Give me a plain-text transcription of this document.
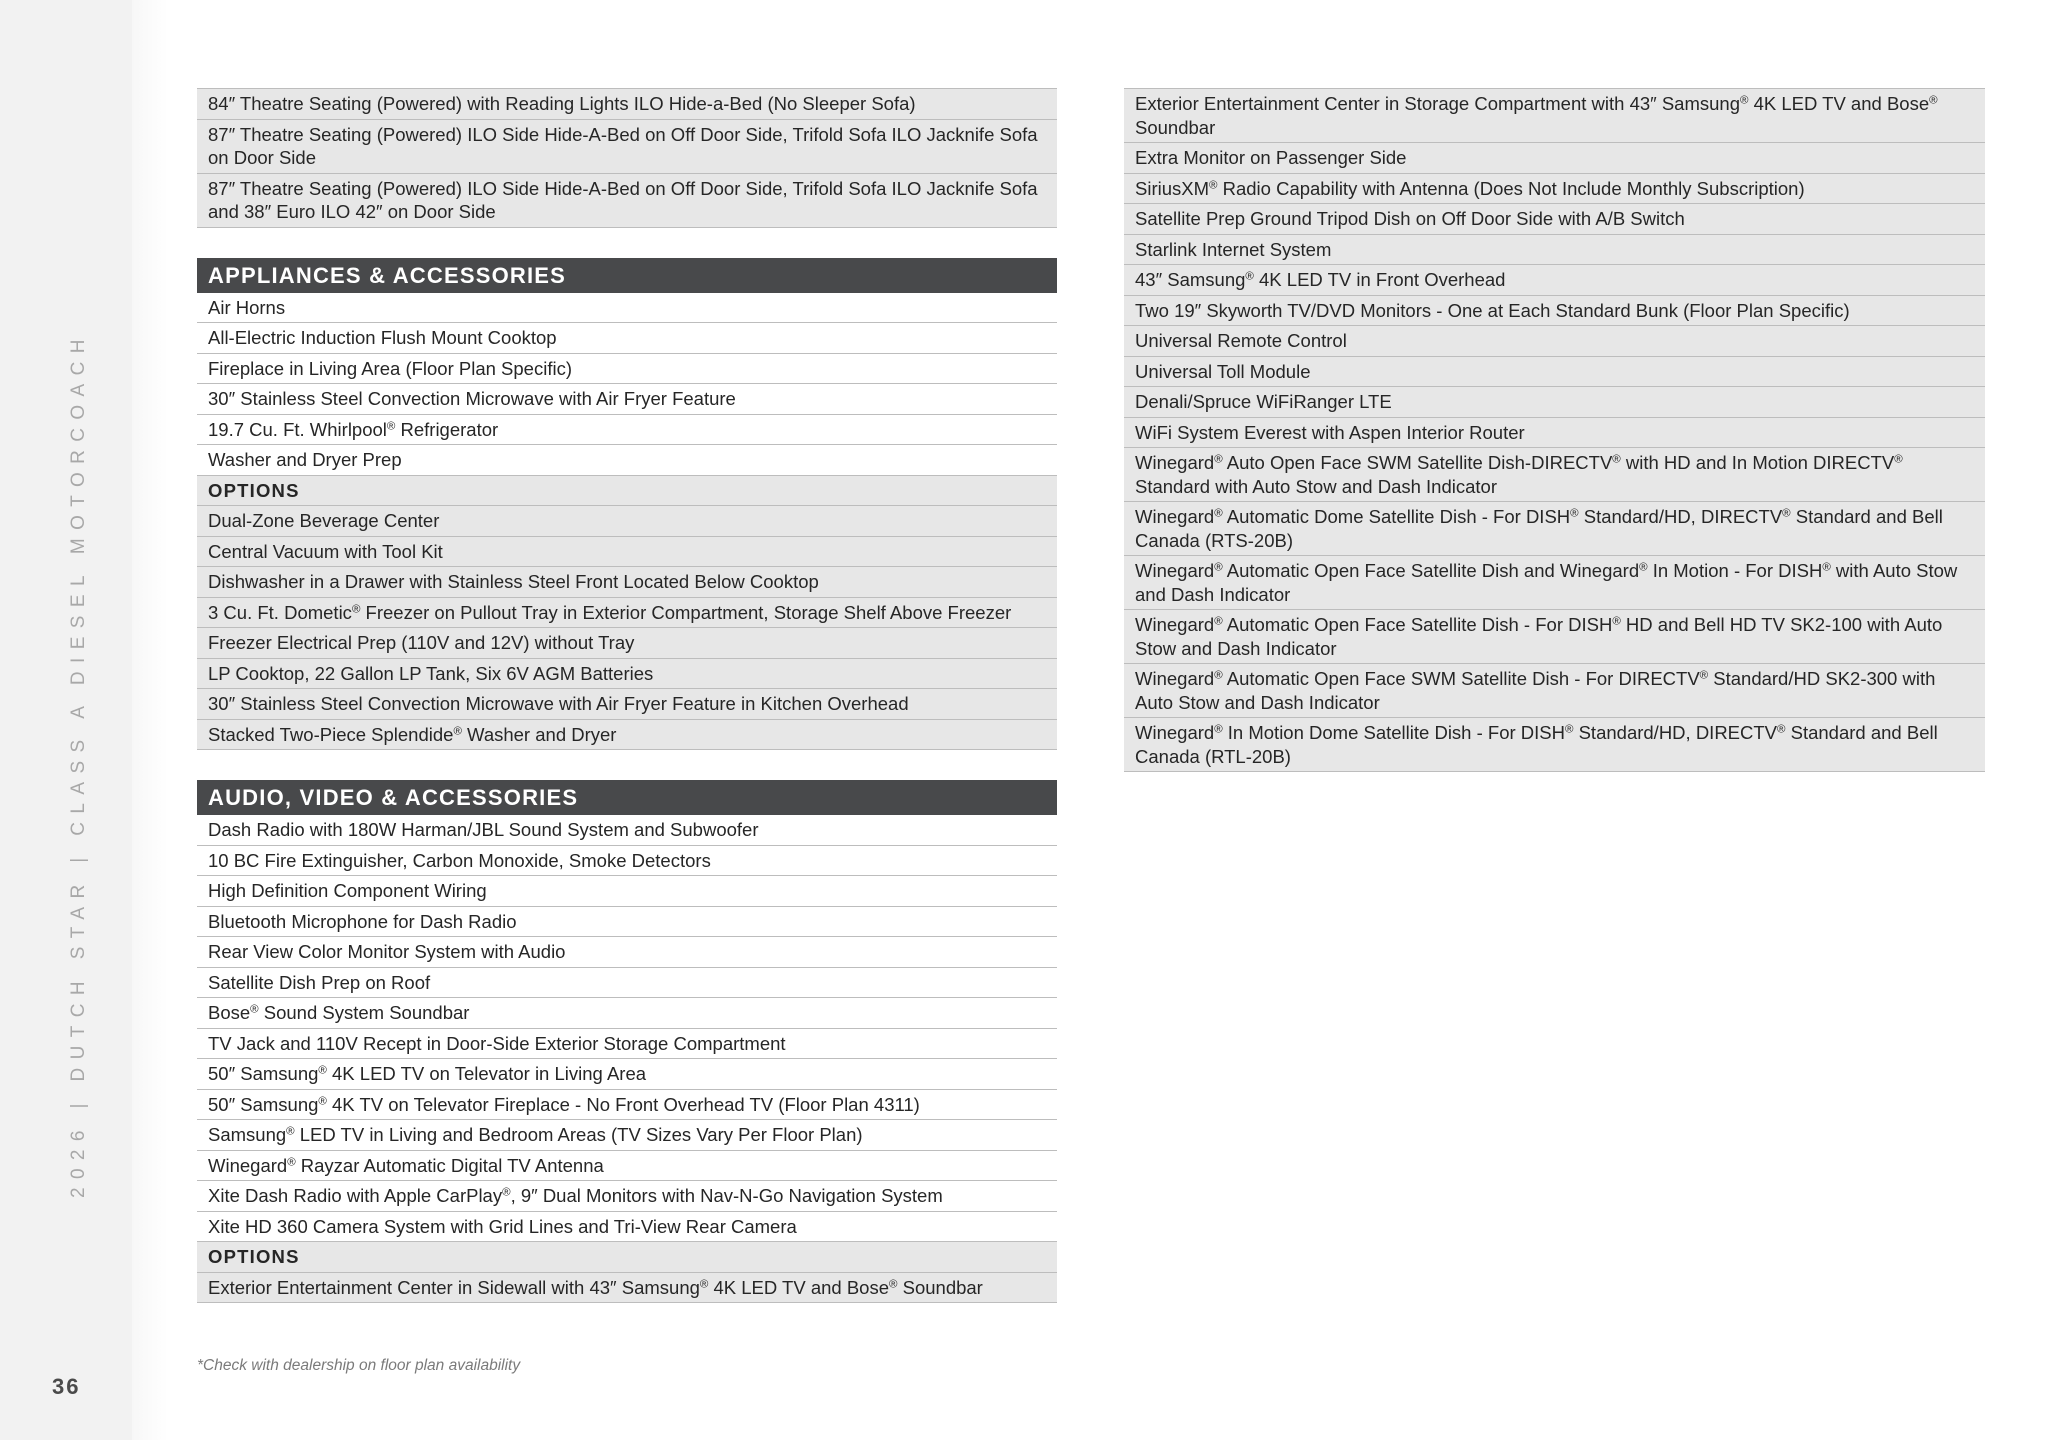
2026 | DUTCH STAR | CLASS A DIESEL MOTORCOACH
36
84″ Theatre Seating (Powered) with Reading Lights ILO Hide-a-Bed (No Sleeper Sofa)
87″ Theatre Seating (Powered) ILO Side Hide-A-Bed on Off Door Side, Trifold Sofa ILO Jacknife Sofa on Door Side
87″ Theatre Seating (Powered) ILO Side Hide-A-Bed on Off Door Side, Trifold Sofa ILO Jacknife Sofa and 38″ Euro ILO 42″ on Door Side
APPLIANCES & ACCESSORIES
Air Horns
All-Electric Induction Flush Mount Cooktop
Fireplace in Living Area (Floor Plan Specific)
30″ Stainless Steel Convection Microwave with Air Fryer Feature
19.7 Cu. Ft. Whirlpool® Refrigerator
Washer and Dryer Prep
OPTIONS
Dual-Zone Beverage Center
Central Vacuum with Tool Kit
Dishwasher in a Drawer with Stainless Steel Front Located Below Cooktop
3 Cu. Ft. Dometic® Freezer on Pullout Tray in Exterior Compartment, Storage Shelf Above Freezer
Freezer Electrical Prep (110V and 12V) without Tray
LP Cooktop, 22 Gallon LP Tank, Six 6V AGM Batteries
30″ Stainless Steel Convection Microwave with Air Fryer Feature in Kitchen Overhead
Stacked Two-Piece Splendide® Washer and Dryer
AUDIO, VIDEO & ACCESSORIES
Dash Radio with 180W Harman/JBL Sound System and Subwoofer
10 BC Fire Extinguisher, Carbon Monoxide, Smoke Detectors
High Definition Component Wiring
Bluetooth Microphone for Dash Radio
Rear View Color Monitor System with Audio
Satellite Dish Prep on Roof
Bose® Sound System Soundbar
TV Jack and 110V Recept in Door-Side Exterior Storage Compartment
50″ Samsung® 4K LED TV on Televator in Living Area
50″ Samsung® 4K TV on Televator Fireplace - No Front Overhead TV (Floor Plan 4311)
Samsung® LED TV in Living and Bedroom Areas (TV Sizes Vary Per Floor Plan)
Winegard® Rayzar Automatic Digital TV Antenna
Xite Dash Radio with Apple CarPlay®, 9″ Dual Monitors with Nav-N-Go Navigation System
Xite HD 360 Camera System with Grid Lines and Tri-View Rear Camera
OPTIONS
Exterior Entertainment Center in Sidewall with 43″ Samsung® 4K LED TV and Bose® Soundbar
Exterior Entertainment Center in Storage Compartment with 43″ Samsung® 4K LED TV and Bose® Soundbar
Extra Monitor on Passenger Side
SiriusXM® Radio Capability with Antenna (Does Not Include Monthly Subscription)
Satellite Prep Ground Tripod Dish on Off Door Side with A/B Switch
Starlink Internet System
43″ Samsung® 4K LED TV in Front Overhead
Two 19″ Skyworth TV/DVD Monitors - One at Each Standard Bunk (Floor Plan Specific)
Universal Remote Control
Universal Toll Module
Denali/Spruce WiFiRanger LTE
WiFi System Everest with Aspen Interior Router
Winegard® Auto Open Face SWM Satellite Dish-DIRECTV® with HD and In Motion DIRECTV® Standard with Auto Stow and Dash Indicator
Winegard® Automatic Dome Satellite Dish - For DISH® Standard/HD, DIRECTV® Standard and Bell Canada (RTS-20B)
Winegard® Automatic Open Face Satellite Dish and Winegard® In Motion - For DISH® with Auto Stow and Dash Indicator
Winegard® Automatic Open Face Satellite Dish - For DISH® HD and Bell HD TV SK2-100 with Auto Stow and Dash Indicator
Winegard® Automatic Open Face SWM Satellite Dish - For DIRECTV® Standard/HD SK2-300 with Auto Stow and Dash Indicator
Winegard® In Motion Dome Satellite Dish - For DISH® Standard/HD, DIRECTV® Standard and Bell Canada (RTL-20B)
*Check with dealership on floor plan availability
